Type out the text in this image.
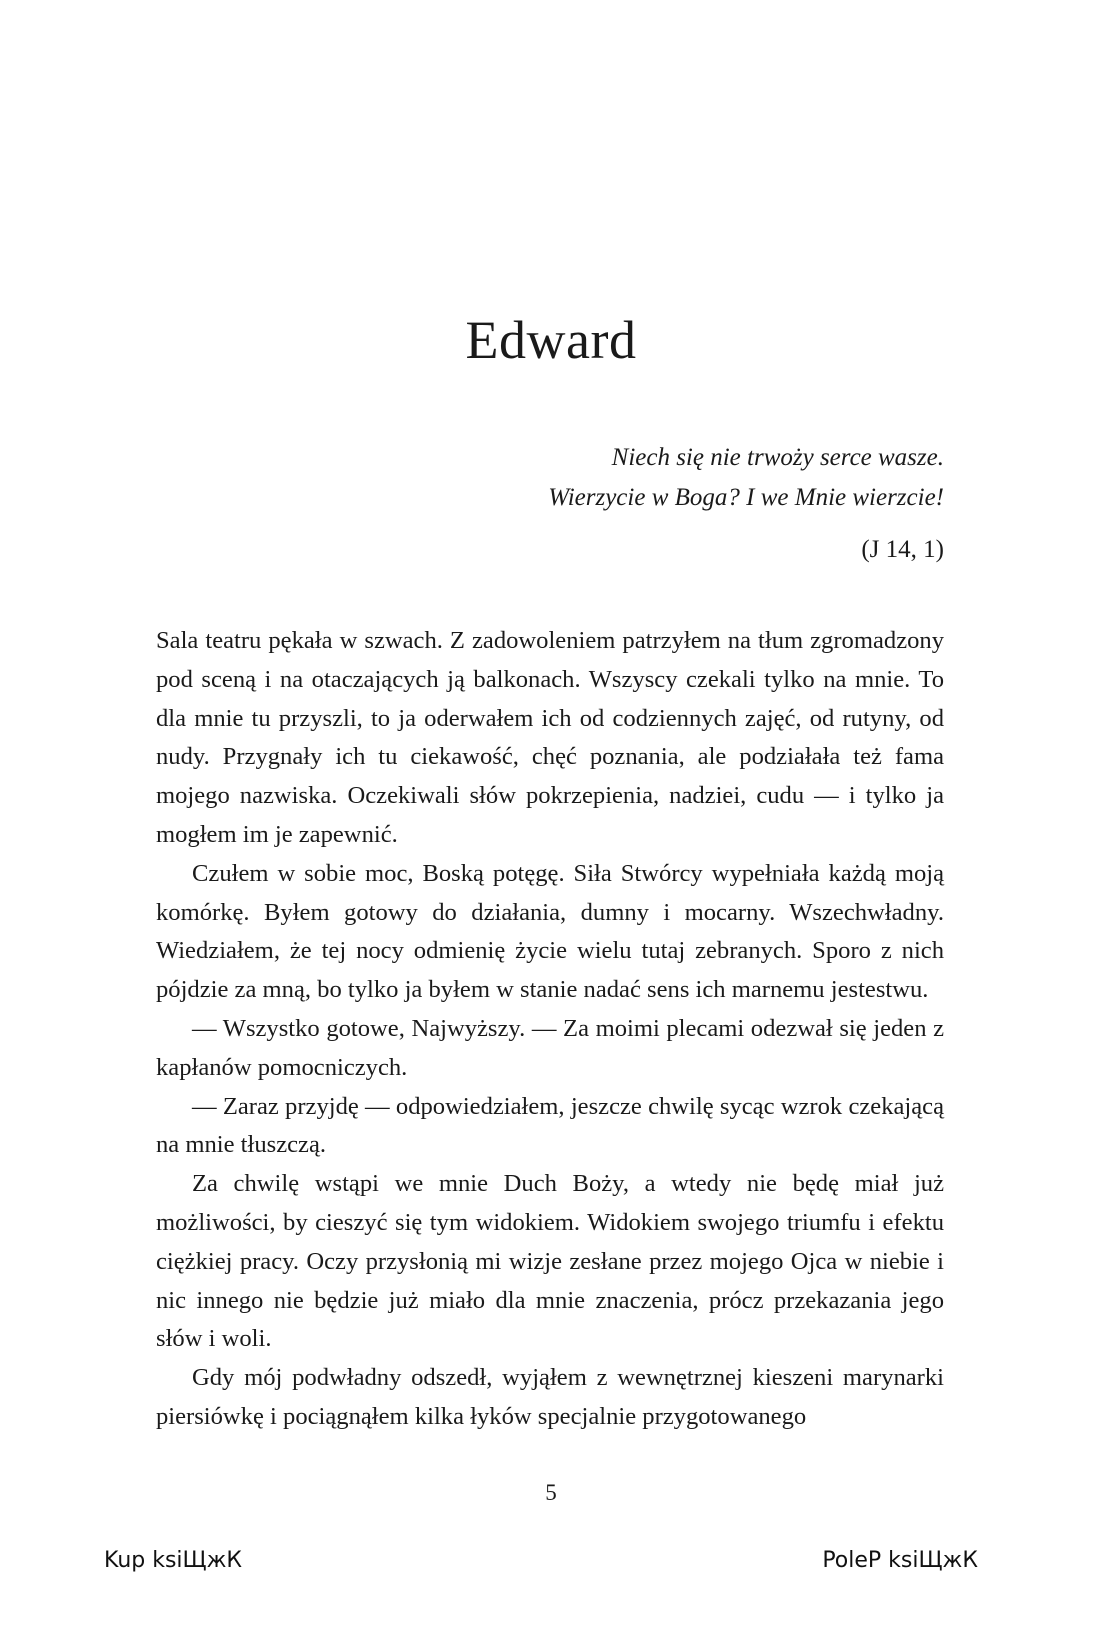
Edward
Niech się nie trwoży serce wasze.
Wierzycie w Boga? I we Mnie wierzcie!
(J 14, 1)

Sala teatru pękała w szwach. Z zadowoleniem patrzyłem na tłum zgromadzony pod sceną i na otaczających ją balkonach. Wszyscy czekali tylko na mnie. To dla mnie tu przyszli, to ja oderwałem ich od codziennych zajęć, od rutyny, od nudy. Przygnały ich tu ciekawość, chęć poznania, ale podziałała też fama mojego nazwiska. Oczekiwali słów pokrzepienia, nadziei, cudu — i tylko ja mogłem im je zapewnić.

Czułem w sobie moc, Boską potęgę. Siła Stwórcy wypełniała każdą moją komórkę. Byłem gotowy do działania, dumny i mocarny. Wszechwładny. Wiedziałem, że tej nocy odmienię życie wielu tutaj zebranych. Sporo z nich pójdzie za mną, bo tylko ja byłem w stanie nadać sens ich marnemu jestestwu.

— Wszystko gotowe, Najwyższy. — Za moimi plecami odezwał się jeden z kapłanów pomocniczych.

— Zaraz przyjdę — odpowiedziałem, jeszcze chwilę sycąc wzrok czekającą na mnie tłuszczą.

Za chwilę wstąpi we mnie Duch Boży, a wtedy nie będę miał już możliwości, by cieszyć się tym widokiem. Widokiem swojego triumfu i efektu ciężkiej pracy. Oczy przysłonią mi wizje zesłane przez mojego Ojca w niebie i nic innego nie będzie już miało dla mnie znaczenia, prócz przekazania jego słów i woli.

Gdy mój podwładny odszedł, wyjąłem z wewnętrznej kieszeni marynarki piersiówkę i pociągnąłem kilka łyków specjalnie przygotowanego

5
Kup ksiЩжК	PoleP ksiЩжК
